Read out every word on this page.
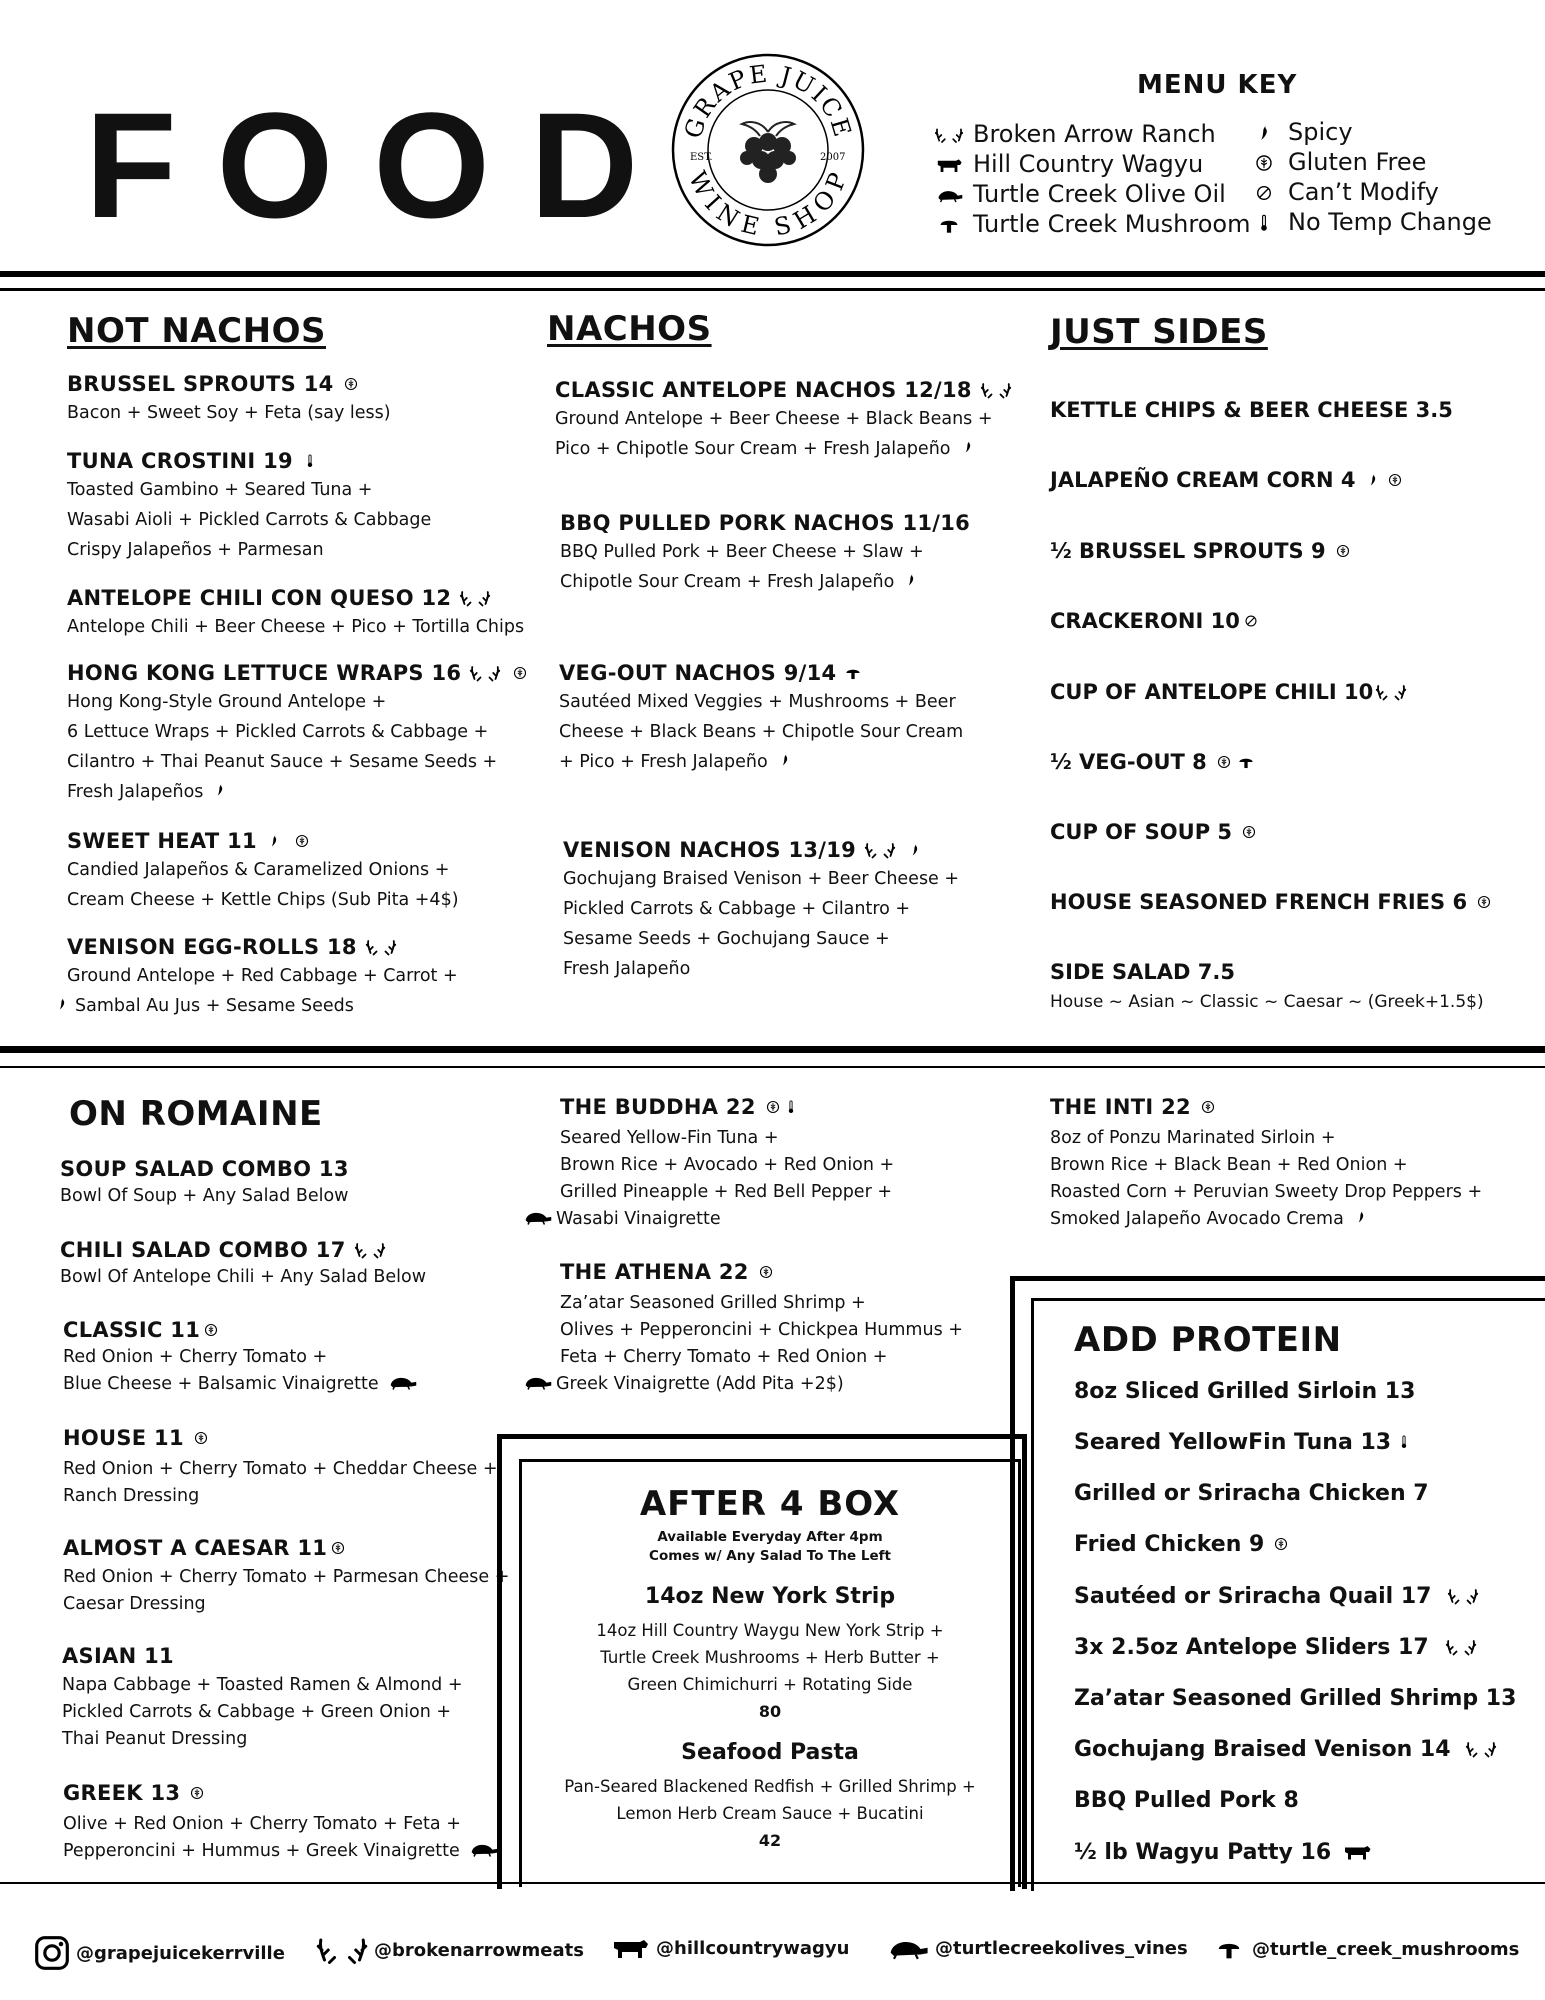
FOOD GRAPE JUICE
WINE SHOP
EST.	2007
MENU KEY
Broken Arrow Ranch
Hill Country Wagyu
Turtle Creek Olive Oil
Turtle Creek Mushroom
Spicy
Gluten Free
Can’t Modify
No Temp Change
NOT NACHOS
BRUSSEL SPROUTS 14
Bacon + Sweet Soy + Feta (say less)
TUNA CROSTINI 19
Toasted Gambino + Seared Tuna +
Wasabi Aioli + Pickled Carrots & Cabbage
Crispy Jalapeños + Parmesan
ANTELOPE CHILI CON QUESO 12
Antelope Chili + Beer Cheese + Pico + Tortilla Chips
HONG KONG LETTUCE WRAPS 16
Hong Kong-Style Ground Antelope +
6 Lettuce Wraps + Pickled Carrots & Cabbage +
Cilantro + Thai Peanut Sauce + Sesame Seeds +
Fresh Jalapeños
SWEET HEAT 11
Candied Jalapeños & Caramelized Onions +
Cream Cheese + Kettle Chips (Sub Pita +4$)
VENISON EGG-ROLLS 18
Ground Antelope + Red Cabbage + Carrot +
Sambal Au Jus + Sesame Seeds
NACHOS
CLASSIC ANTELOPE NACHOS 12/18
Ground Antelope + Beer Cheese + Black Beans +
Pico + Chipotle Sour Cream + Fresh Jalapeño
BBQ PULLED PORK NACHOS 11/16
BBQ Pulled Pork + Beer Cheese + Slaw +
Chipotle Sour Cream + Fresh Jalapeño
VEG-OUT NACHOS 9/14
Sautéed Mixed Veggies + Mushrooms + Beer
Cheese + Black Beans + Chipotle Sour Cream
+ Pico + Fresh Jalapeño
VENISON NACHOS 13/19
Gochujang Braised Venison + Beer Cheese +
Pickled Carrots & Cabbage + Cilantro +
Sesame Seeds + Gochujang Sauce +
Fresh Jalapeño
JUST SIDES
KETTLE CHIPS & BEER CHEESE 3.5
JALAPEÑO CREAM CORN 4
½ BRUSSEL SPROUTS 9
CRACKERONI 10
CUP OF ANTELOPE CHILI 10
½ VEG-OUT 8
CUP OF SOUP 5
HOUSE SEASONED FRENCH FRIES 6
SIDE SALAD 7.5
House ~ Asian ~ Classic ~ Caesar ~ (Greek+1.5$)
ON ROMAINE
SOUP SALAD COMBO 13
Bowl Of Soup + Any Salad Below
CHILI SALAD COMBO 17
Bowl Of Antelope Chili + Any Salad Below
CLASSIC 11
Red Onion + Cherry Tomato +
Blue Cheese + Balsamic Vinaigrette
HOUSE 11
Red Onion + Cherry Tomato + Cheddar Cheese +
Ranch Dressing
ALMOST A CAESAR 11
Red Onion + Cherry Tomato + Parmesan Cheese +
Caesar Dressing
ASIAN 11
Napa Cabbage + Toasted Ramen & Almond +
Pickled Carrots & Cabbage + Green Onion +
Thai Peanut Dressing
GREEK 13
Olive + Red Onion + Cherry Tomato + Feta +
Pepperoncini + Hummus + Greek Vinaigrette
THE BUDDHA 22
Seared Yellow-Fin Tuna +
Brown Rice + Avocado + Red Onion +
Grilled Pineapple + Red Bell Pepper +
Wasabi Vinaigrette
THE ATHENA 22
Za’atar Seasoned Grilled Shrimp +
Olives + Pepperoncini + Chickpea Hummus +
Feta + Cherry Tomato + Red Onion +
Greek Vinaigrette (Add Pita +2$)
THE INTI 22
8oz of Ponzu Marinated Sirloin +
Brown Rice + Black Bean + Red Onion +
Roasted Corn + Peruvian Sweety Drop Peppers +
Smoked Jalapeño Avocado Crema
AFTER 4 BOX
Available Everyday After 4pm
Comes w/ Any Salad To The Left
14oz New York Strip
14oz Hill Country Waygu New York Strip +
Turtle Creek Mushrooms + Herb Butter +
Green Chimichurri + Rotating Side
80
Seafood Pasta
Pan-Seared Blackened Redfish + Grilled Shrimp +
Lemon Herb Cream Sauce + Bucatini
42
ADD PROTEIN
8oz Sliced Grilled Sirloin 13
Seared YellowFin Tuna 13
Grilled or Sriracha Chicken 7
Fried Chicken 9
Sautéed or Sriracha Quail 17
3x 2.5oz Antelope Sliders 17
Za’atar Seasoned Grilled Shrimp 13
Gochujang Braised Venison 14
BBQ Pulled Pork 8
½ lb Wagyu Patty 16
@grapejuicekerrville	@brokenarrowmeats	@hillcountrywagyu	@turtlecreekolives_vines	@turtle_creek_mushrooms
